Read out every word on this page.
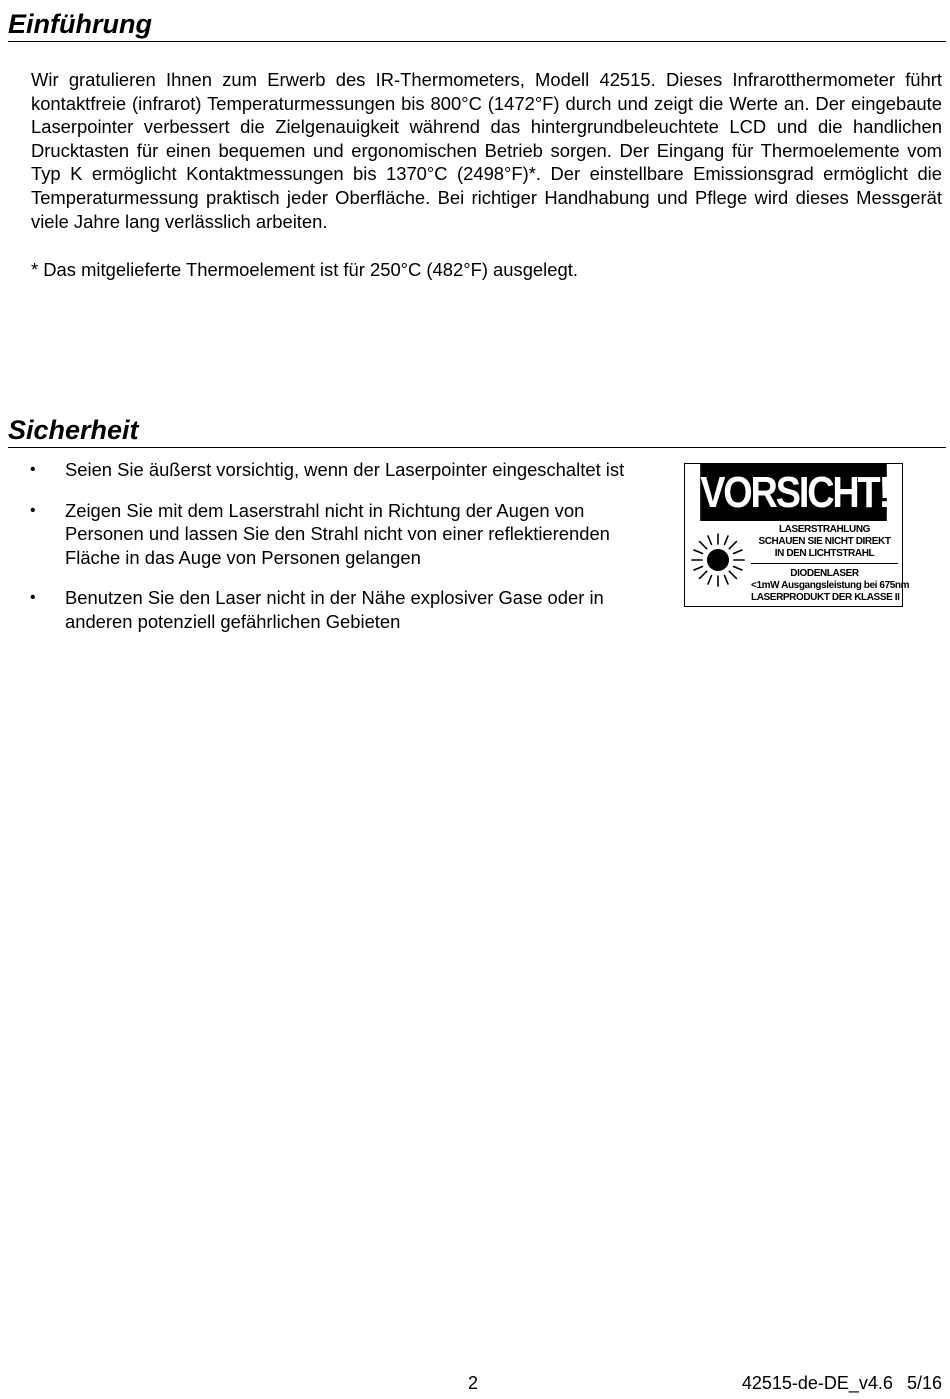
Einführung

Wir gratulieren Ihnen zum Erwerb des IR-Thermometers, Modell 42515. Dieses Infrarotthermometer führt kontaktfreie (infrarot) Temperaturmessungen bis 800°C (1472°F) durch und zeigt die Werte an. Der eingebaute Laserpointer verbessert die Zielgenauigkeit während das hintergrundbeleuchtete LCD und die handlichen Drucktasten für einen bequemen und ergonomischen Betrieb sorgen. Der Eingang für Thermoelemente vom Typ K ermöglicht Kontaktmessungen bis 1370°C (2498°F)*. Der einstellbare Emissionsgrad ermöglicht die Temperaturmessung praktisch jeder Oberfläche. Bei richtiger Handhabung und Pflege wird dieses Messgerät viele Jahre lang verlässlich arbeiten.

* Das mitgelieferte Thermoelement ist für 250°C (482°F) ausgelegt.

Sicherheit
• Seien Sie äußerst vorsichtig, wenn der Laserpointer eingeschaltet ist
• Zeigen Sie mit dem Laserstrahl nicht in Richtung der Augen von Personen und lassen Sie den Strahl nicht von einer reflektierenden Fläche in das Auge von Personen gelangen
• Benutzen Sie den Laser nicht in der Nähe explosiver Gase oder in anderen potenziell gefährlichen Gebieten
VORSICHT!
LASERSTRAHLUNG
SCHAUEN SIE NICHT DIREKT
IN DEN LICHTSTRAHL
DIODENLASER
<1mW Ausgangsleistung bei 675nm
LASERPRODUKT DER KLASSE II
2	42515-de-DE_v4.6 5/16
